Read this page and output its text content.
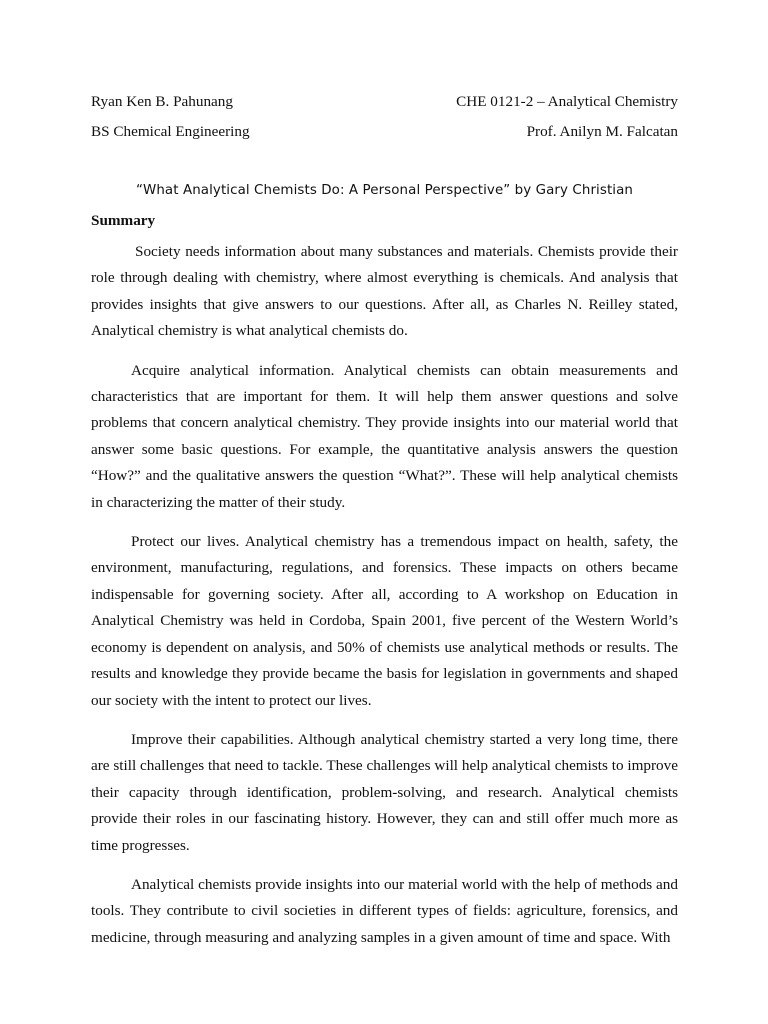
Ryan Ken B. Pahunang	CHE 0121-2 – Analytical Chemistry
BS Chemical Engineering	Prof. Anilyn M. Falcatan
“What Analytical Chemists Do: A Personal Perspective” by Gary Christian
Summary

Society needs information about many substances and materials. Chemists provide their role through dealing with chemistry, where almost everything is chemicals. And analysis that provides insights that give answers to our questions. After all, as Charles N. Reilley stated, Analytical chemistry is what analytical chemists do.

Acquire analytical information. Analytical chemists can obtain measurements and characteristics that are important for them. It will help them answer questions and solve problems that concern analytical chemistry. They provide insights into our material world that answer some basic questions. For example, the quantitative analysis answers the question “How?” and the qualitative answers the question “What?”. These will help analytical chemists in characterizing the matter of their study.

Protect our lives. Analytical chemistry has a tremendous impact on health, safety, the environment, manufacturing, regulations, and forensics. These impacts on others became indispensable for governing society. After all, according to A workshop on Education in Analytical Chemistry was held in Cordoba, Spain 2001, five percent of the Western World’s economy is dependent on analysis, and 50% of chemists use analytical methods or results. The results and knowledge they provide became the basis for legislation in governments and shaped our society with the intent to protect our lives.

Improve their capabilities. Although analytical chemistry started a very long time, there are still challenges that need to tackle. These challenges will help analytical chemists to improve their capacity through identification, problem-solving, and research. Analytical chemists provide their roles in our fascinating history. However, they can and still offer much more as time progresses.

Analytical chemists provide insights into our material world with the help of methods and tools. They contribute to civil societies in different types of fields: agriculture, forensics, and medicine, through measuring and analyzing samples in a given amount of time and space. With
